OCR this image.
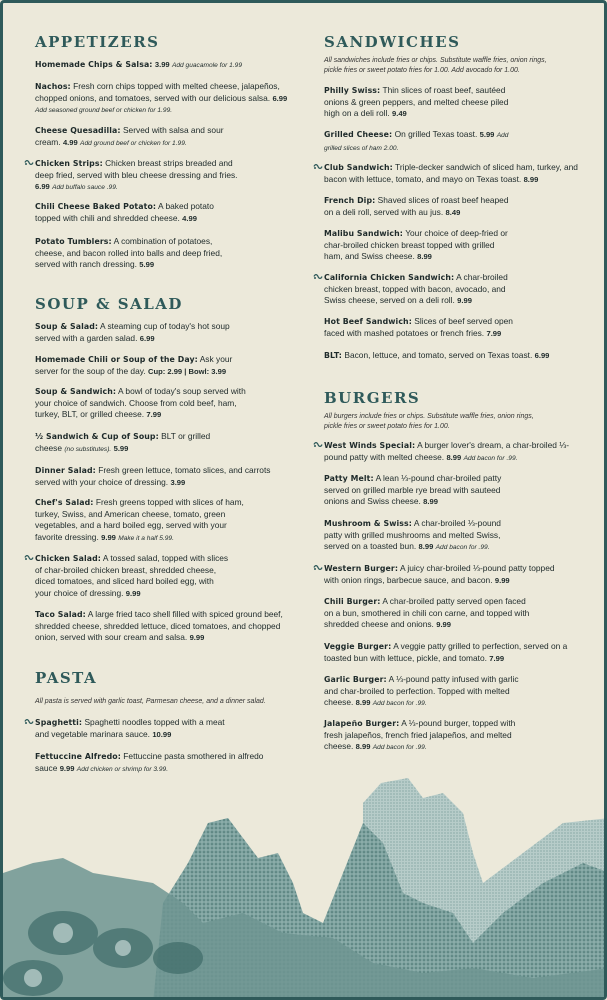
APPETIZERS
Homemade Chips & Salsa: 3.99 Add guacamole for 1.99
Nachos: Fresh corn chips topped with melted cheese, jalapeños, chopped onions, and tomatoes, served with our delicious salsa. 6.99 Add seasoned ground beef or chicken for 1.99.
Cheese Quesadilla: Served with salsa and sour cream. 4.99 Add ground beef or chicken for 1.99.
Chicken Strips: Chicken breast strips breaded and deep fried, served with bleu cheese dressing and fries. 6.99 Add buffalo sauce .99.
Chili Cheese Baked Potato: A baked potato topped with chili and shredded cheese. 4.99
Potato Tumblers: A combination of potatoes, cheese, and bacon rolled into balls and deep fried, served with ranch dressing. 5.99
SOUP & SALAD
Soup & Salad: A steaming cup of today's hot soup served with a garden salad. 6.99
Homemade Chili or Soup of the Day: Ask your server for the soup of the day. Cup: 2.99 | Bowl: 3.99
Soup & Sandwich: A bowl of today's soup served with your choice of sandwich. Choose from cold beef, ham, turkey, BLT, or grilled cheese. 7.99
½ Sandwich & Cup of Soup: BLT or grilled cheese (no substitutes). 5.99
Dinner Salad: Fresh green lettuce, tomato slices, and carrots served with your choice of dressing. 3.99
Chef's Salad: Fresh greens topped with slices of ham, turkey, Swiss, and American cheese, tomato, green vegetables, and a hard boiled egg, served with your favorite dressing. 9.99 Make it a half 5.99.
Chicken Salad: A tossed salad, topped with slices of char-broiled chicken breast, shredded cheese, diced tomatoes, and sliced hard boiled egg, with your choice of dressing. 9.99
Taco Salad: A large fried taco shell filled with spiced ground beef, shredded cheese, shredded lettuce, diced tomatoes, and chopped onion, served with sour cream and salsa. 9.99
PASTA
All pasta is served with garlic toast, Parmesan cheese, and a dinner salad.
Spaghetti: Spaghetti noodles topped with a meat and vegetable marinara sauce. 10.99
Fettuccine Alfredo: Fettuccine pasta smothered in alfredo sauce 9.99 Add chicken or shrimp for 3.99.
SANDWICHES
All sandwiches include fries or chips. Substitute waffle fries, onion rings, pickle fries or sweet potato fries for 1.00. Add avocado for 1.00.
Philly Swiss: Thin slices of roast beef, sautéed onions & green peppers, and melted cheese piled high on a deli roll. 9.49
Grilled Cheese: On grilled Texas toast. 5.99 Add grilled slices of ham 2.00.
Club Sandwich: Triple-decker sandwich of sliced ham, turkey, and bacon with lettuce, tomato, and mayo on Texas toast. 8.99
French Dip: Shaved slices of roast beef heaped on a deli roll, served with au jus. 8.49
Malibu Sandwich: Your choice of deep-fried or char-broiled chicken breast topped with grilled ham, and Swiss cheese. 8.99
California Chicken Sandwich: A char-broiled chicken breast, topped with bacon, avocado, and Swiss cheese, served on a deli roll. 9.99
Hot Beef Sandwich: Slices of beef served open faced with mashed potatoes or french fries. 7.99
BLT: Bacon, lettuce, and tomato, served on Texas toast. 6.99
BURGERS
All burgers include fries or chips. Substitute waffle fries, onion rings, pickle fries or sweet potato fries for 1.00.
West Winds Special: A burger lover's dream, a char-broiled ⅓-pound patty with melted cheese. 8.99 Add bacon for .99.
Patty Melt: A lean ⅓-pound char-broiled patty served on grilled marble rye bread with sauteed onions and Swiss cheese. 8.99
Mushroom & Swiss: A char-broiled ⅓-pound patty with grilled mushrooms and melted Swiss, served on a toasted bun. 8.99 Add bacon for .99.
Western Burger: A juicy char-broiled ⅓-pound patty topped with onion rings, barbecue sauce, and bacon. 9.99
Chili Burger: A char-broiled patty served open faced on a bun, smothered in chili con carne, and topped with shredded cheese and onions. 9.99
Veggie Burger: A veggie patty grilled to perfection, served on a toasted bun with lettuce, pickle, and tomato. 7.99
Garlic Burger: A ⅓-pound patty infused with garlic and char-broiled to perfection. Topped with melted cheese. 8.99 Add bacon for .99.
Jalapeño Burger: A ⅓-pound burger, topped with fresh jalapeños, french fried jalapeños, and melted cheese. 8.99 Add bacon for .99.
